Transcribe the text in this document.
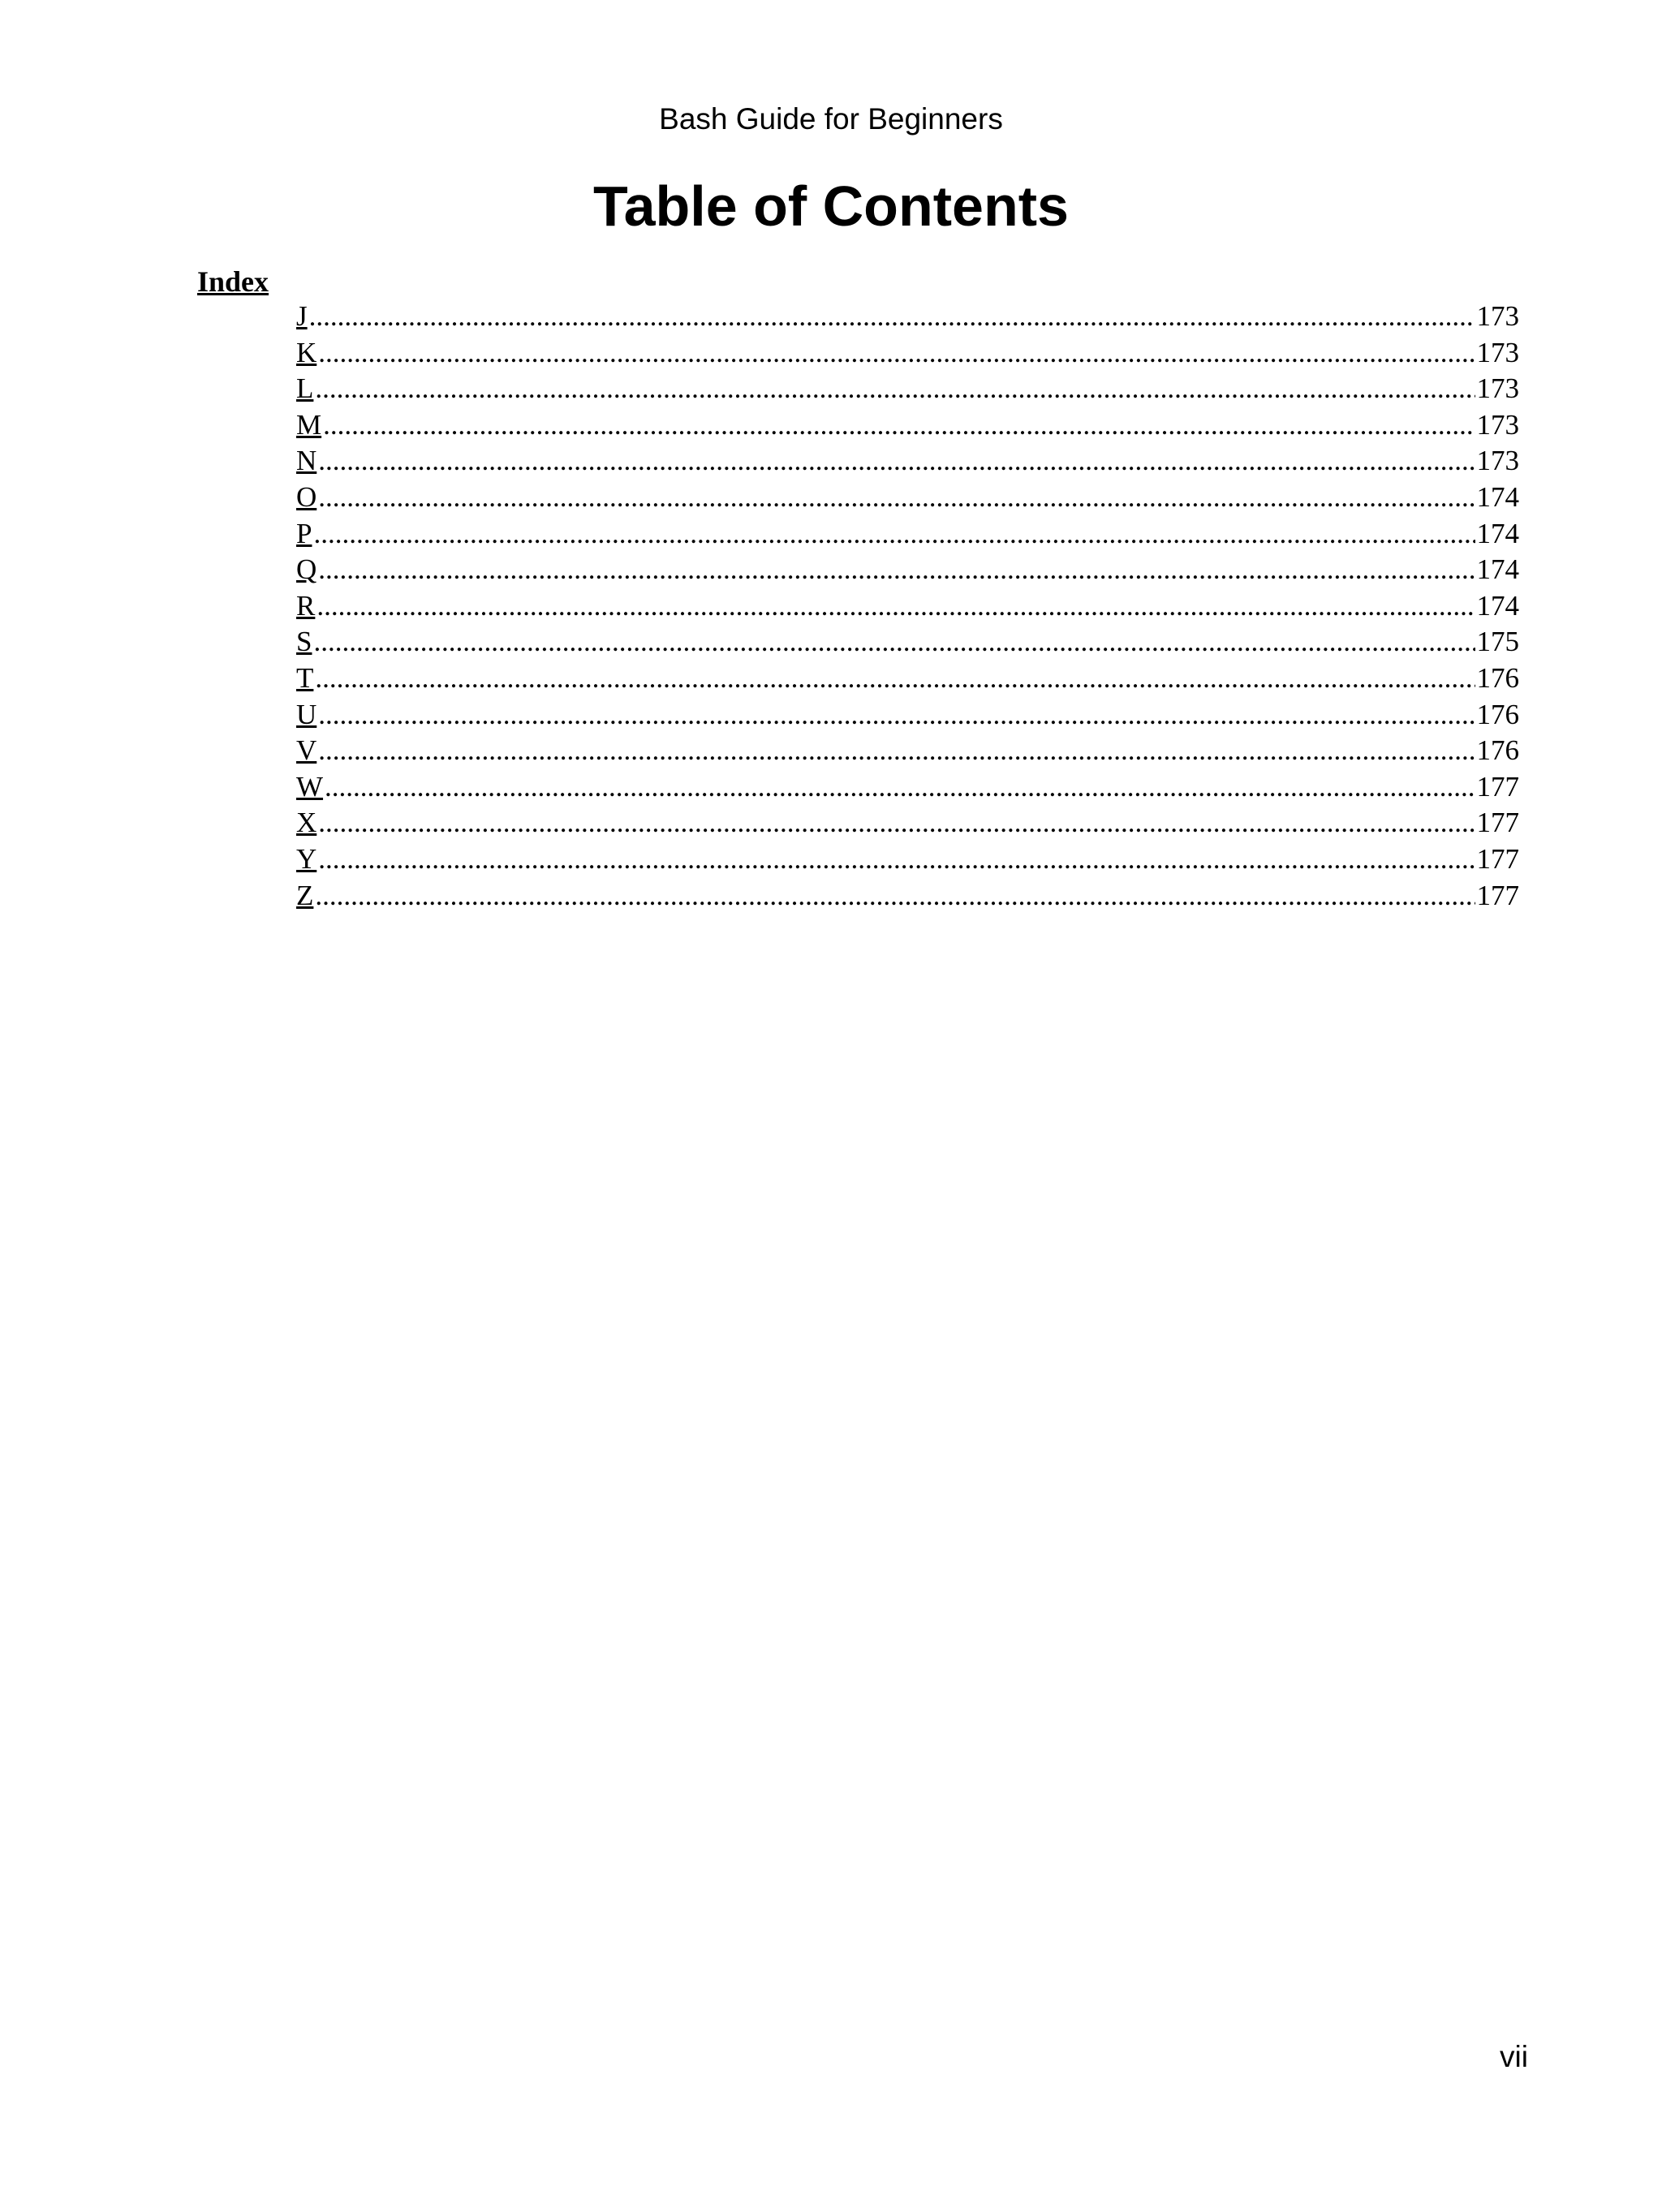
Bash Guide for Beginners
Table of Contents
Index
J .....	173
K .....	173
L .....	173
M .....	173
N .....	173
O .....	174
P .....	174
Q .....	174
R .....	174
S .....	175
T .....	176
U .....	176
V .....	176
W .....	177
X .....	177
Y .....	177
Z .....	177
vii
